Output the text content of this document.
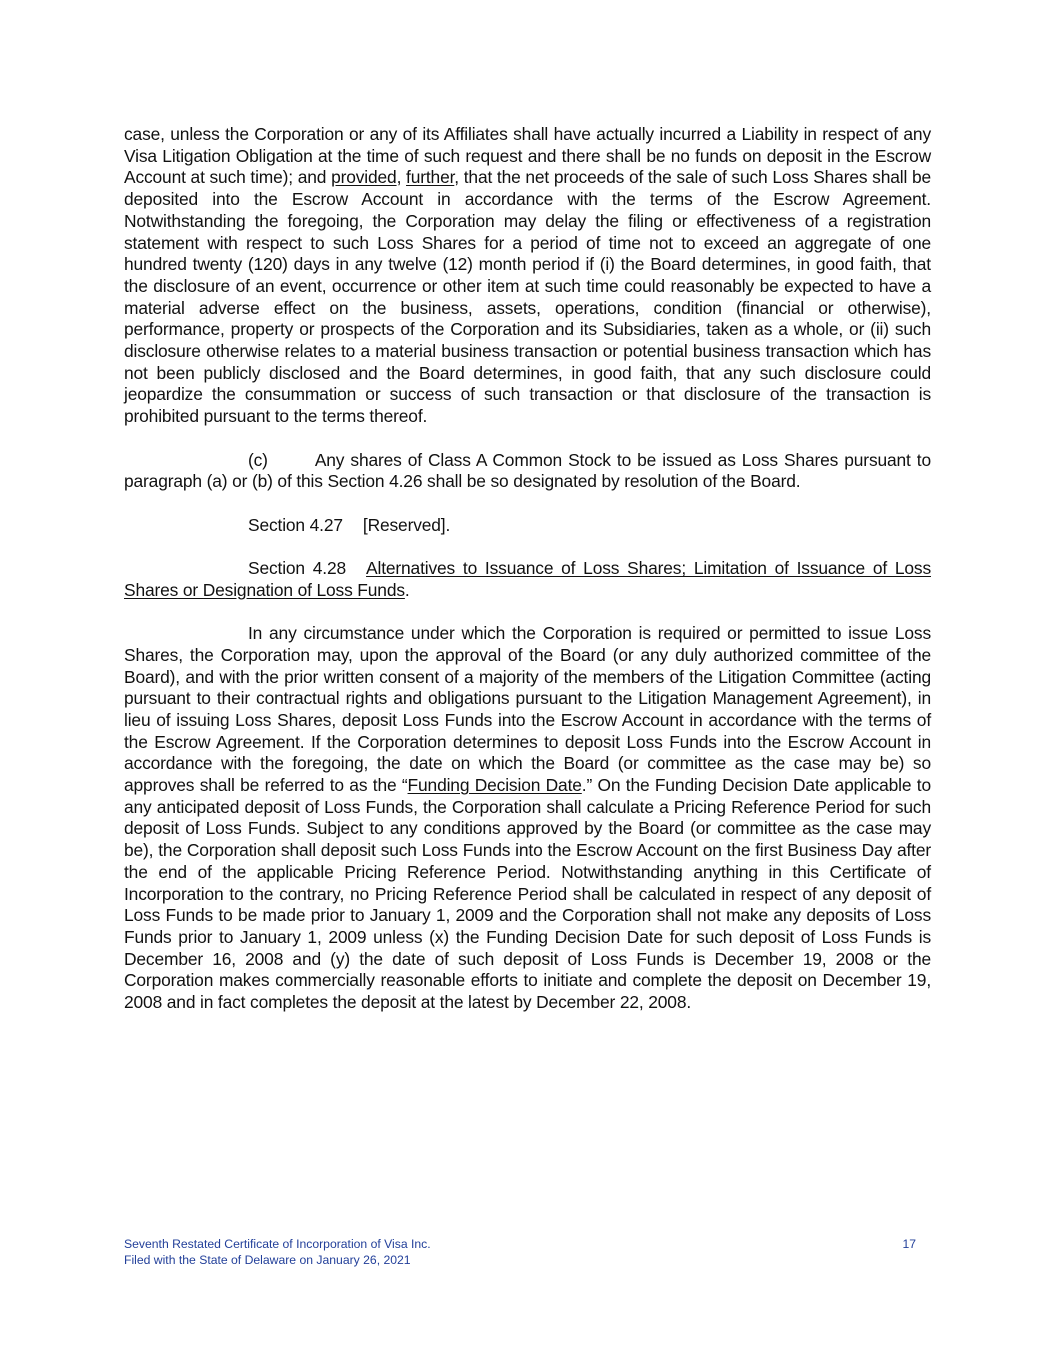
case, unless the Corporation or any of its Affiliates shall have actually incurred a Liability in respect of any Visa Litigation Obligation at the time of such request and there shall be no funds on deposit in the Escrow Account at such time); and provided, further, that the net proceeds of the sale of such Loss Shares shall be deposited into the Escrow Account in accordance with the terms of the Escrow Agreement. Notwithstanding the foregoing, the Corporation may delay the filing or effectiveness of a registration statement with respect to such Loss Shares for a period of time not to exceed an aggregate of one hundred twenty (120) days in any twelve (12) month period if (i) the Board determines, in good faith, that the disclosure of an event, occurrence or other item at such time could reasonably be expected to have a material adverse effect on the business, assets, operations, condition (financial or otherwise), performance, property or prospects of the Corporation and its Subsidiaries, taken as a whole, or (ii) such disclosure otherwise relates to a material business transaction or potential business transaction which has not been publicly disclosed and the Board determines, in good faith, that any such disclosure could jeopardize the consummation or success of such transaction or that disclosure of the transaction is prohibited pursuant to the terms thereof.

(c)	Any shares of Class A Common Stock to be issued as Loss Shares pursuant to paragraph (a) or (b) of this Section 4.26 shall be so designated by resolution of the Board.

Section 4.27 [Reserved].

Section 4.28 Alternatives to Issuance of Loss Shares; Limitation of Issuance of Loss Shares or Designation of Loss Funds.

In any circumstance under which the Corporation is required or permitted to issue Loss Shares, the Corporation may, upon the approval of the Board (or any duly authorized committee of the Board), and with the prior written consent of a majority of the members of the Litigation Committee (acting pursuant to their contractual rights and obligations pursuant to the Litigation Management Agreement), in lieu of issuing Loss Shares, deposit Loss Funds into the Escrow Account in accordance with the terms of the Escrow Agreement. If the Corporation determines to deposit Loss Funds into the Escrow Account in accordance with the foregoing, the date on which the Board (or committee as the case may be) so approves shall be referred to as the “Funding Decision Date.” On the Funding Decision Date applicable to any anticipated deposit of Loss Funds, the Corporation shall calculate a Pricing Reference Period for such deposit of Loss Funds. Subject to any conditions approved by the Board (or committee as the case may be), the Corporation shall deposit such Loss Funds into the Escrow Account on the first Business Day after the end of the applicable Pricing Reference Period. Notwithstanding anything in this Certificate of Incorporation to the contrary, no Pricing Reference Period shall be calculated in respect of any deposit of Loss Funds to be made prior to January 1, 2009 and the Corporation shall not make any deposits of Loss Funds prior to January 1, 2009 unless (x) the Funding Decision Date for such deposit of Loss Funds is December 16, 2008 and (y) the date of such deposit of Loss Funds is December 19, 2008 or the Corporation makes commercially reasonable efforts to initiate and complete the deposit on December 19, 2008 and in fact completes the deposit at the latest by December 22, 2008.

Seventh Restated Certificate of Incorporation of Visa Inc.
Filed with the State of Delaware on January 26, 2021
17
